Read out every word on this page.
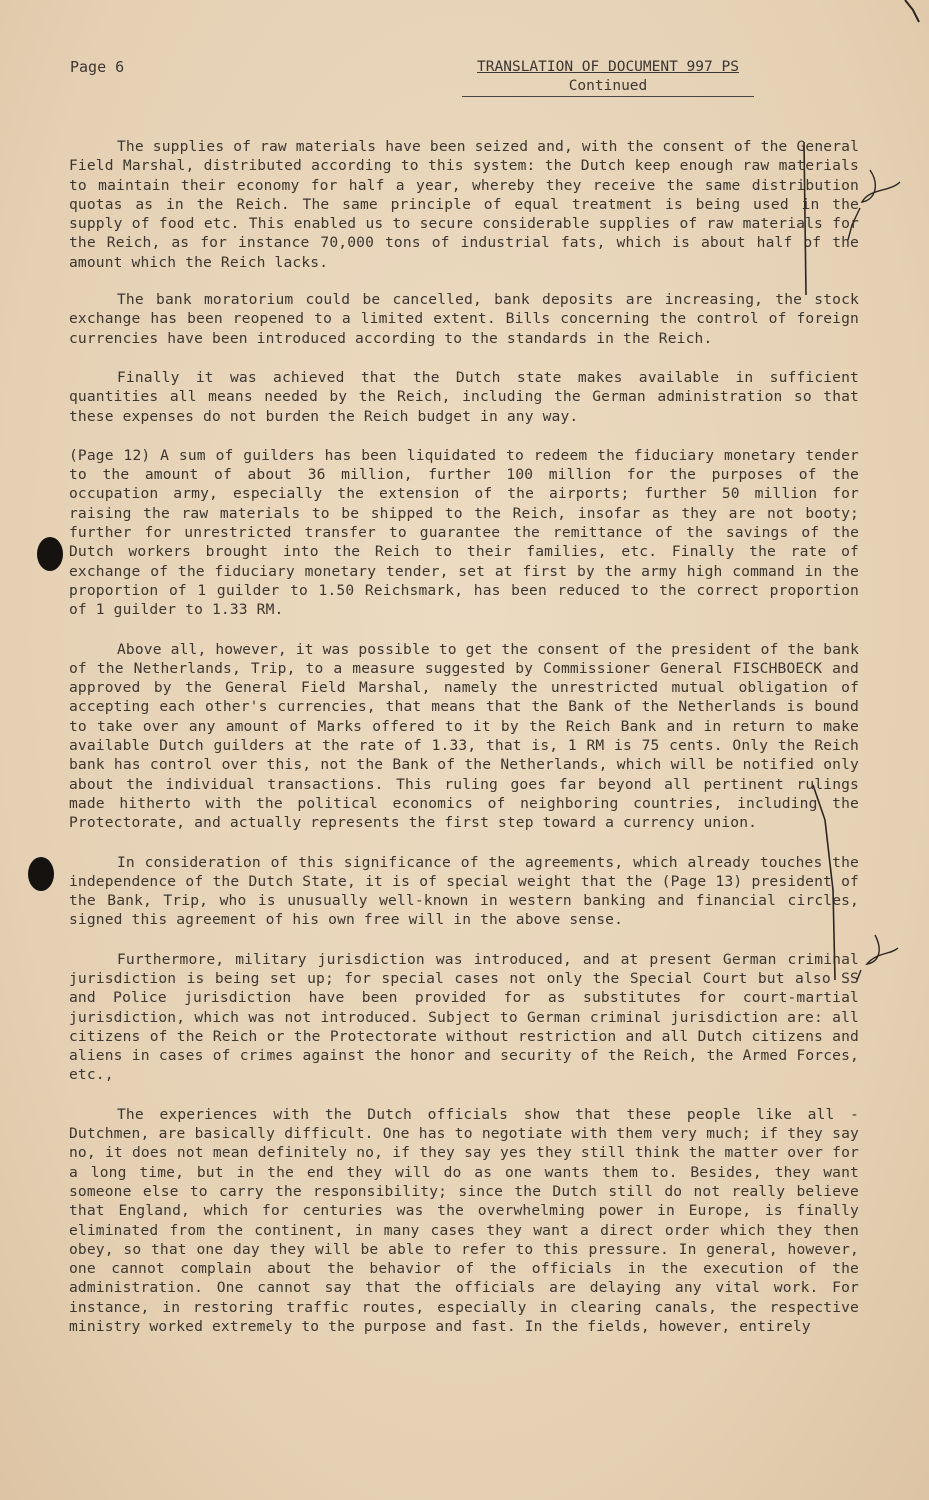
Page 6	TRANSLATION OF DOCUMENT 997 PS
Continued

The supplies of raw materials have been seized and, with the consent of the General Field Marshal, distributed according to this system: the Dutch keep enough raw materials to maintain their economy for half a year, whereby they receive the same distribution quotas as in the Reich. The same principle of equal treatment is being used in the supply of food etc. This enabled us to secure considerable supplies of raw materials for the Reich, as for instance 70,000 tons of industrial fats, which is about half of the amount which the Reich lacks.

The bank moratorium could be cancelled, bank deposits are increasing, the stock exchange has been reopened to a limited extent. Bills concerning the control of foreign currencies have been introduced according to the standards in the Reich.

Finally it was achieved that the Dutch state makes available in sufficient quantities all means needed by the Reich, including the German administration so that these expenses do not burden the Reich budget in any way.

(Page 12) A sum of guilders has been liquidated to redeem the fiduciary monetary tender to the amount of about 36 million, further 100 million for the purposes of the occupation army, especially the extension of the airports; further 50 million for raising the raw materials to be shipped to the Reich, insofar as they are not booty; further for unrestricted transfer to guarantee the remittance of the savings of the Dutch workers brought into the Reich to their families, etc. Finally the rate of exchange of the fiduciary monetary tender, set at first by the army high command in the proportion of 1 guilder to 1.50 Reichsmark, has been reduced to the correct proportion of 1 guilder to 1.33 RM.

Above all, however, it was possible to get the consent of the president of the bank of the Netherlands, Trip, to a measure suggested by Commissioner General FISCHBOECK and approved by the General Field Marshal, namely the unrestricted mutual obligation of accepting each other's currencies, that means that the Bank of the Netherlands is bound to take over any amount of Marks offered to it by the Reich Bank and in return to make available Dutch guilders at the rate of 1.33, that is, 1 RM is 75 cents. Only the Reich bank has control over this, not the Bank of the Netherlands, which will be notified only about the individual transactions. This ruling goes far beyond all pertinent rulings made hitherto with the political economics of neighboring countries, including the Protectorate, and actually represents the first step toward a currency union.

In consideration of this significance of the agreements, which already touches the independence of the Dutch State, it is of special weight that the (Page 13) president of the Bank, Trip, who is unusually well-known in western banking and financial circles, signed this agreement of his own free will in the above sense.

Furthermore, military jurisdiction was introduced, and at present German criminal jurisdiction is being set up; for special cases not only the Special Court but also SS and Police jurisdiction have been provided for as substitutes for court-martial jurisdiction, which was not introduced. Subject to German criminal jurisdiction are: all citizens of the Reich or the Protectorate without restriction and all Dutch citizens and aliens in cases of crimes against the honor and security of the Reich, the Armed Forces, etc.,

The experiences with the Dutch officials show that these people like all - Dutchmen, are basically difficult. One has to negotiate with them very much; if they say no, it does not mean definitely no, if they say yes they still think the matter over for a long time, but in the end they will do as one wants them to. Besides, they want someone else to carry the responsibility; since the Dutch still do not really believe that England, which for centuries was the overwhelming power in Europe, is finally eliminated from the continent, in many cases they want a direct order which they then obey, so that one day they will be able to refer to this pressure. In general, however, one cannot complain about the behavior of the officials in the execution of the administration. One cannot say that the officials are delaying any vital work. For instance, in restoring traffic routes, especially in clearing canals, the respective ministry worked extremely to the purpose and fast. In the fields, however, entirely
